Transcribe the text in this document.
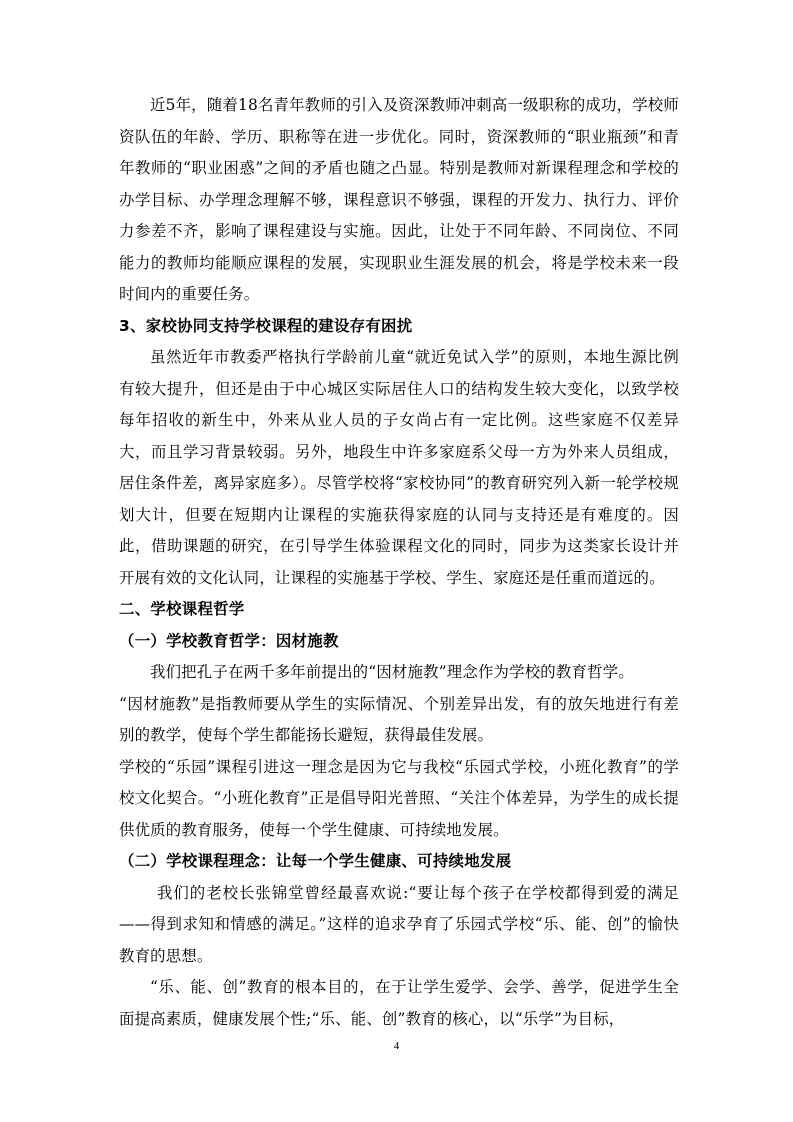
近5年，随着18名青年教师的引入及资深教师冲刺高一级职称的成功，学校师资队伍的年龄、学历、职称等在进一步优化。同时，资深教师的“职业瓶颈”和青年教师的“职业困惑”之间的矛盾也随之凸显。特别是教师对新课程理念和学校的办学目标、办学理念理解不够，课程意识不够强，课程的开发力、执行力、评价力参差不齐，影响了课程建设与实施。因此，让处于不同年龄、不同岗位、不同能力的教师均能顺应课程的发展，实现职业生涯发展的机会，将是学校未来一段时间内的重要任务。

3、家校协同支持学校课程的建设存有困扰

虽然近年市教委严格执行学龄前儿童“就近免试入学”的原则，本地生源比例有较大提升，但还是由于中心城区实际居住人口的结构发生较大变化，以致学校每年招收的新生中，外来从业人员的子女尚占有一定比例。这些家庭不仅差异大，而且学习背景较弱。另外，地段生中许多家庭系父母一方为外来人员组成，居住条件差，离异家庭多）。尽管学校将“家校协同”的教育研究列入新一轮学校规划大计，但要在短期内让课程的实施获得家庭的认同与支持还是有难度的。因此，借助课题的研究，在引导学生体验课程文化的同时，同步为这类家长设计并开展有效的文化认同，让课程的实施基于学校、学生、家庭还是任重而道远的。

二、学校课程哲学

（一）学校教育哲学：因材施教

我们把孔子在两千多年前提出的“因材施教”理念作为学校的教育哲学。

“因材施教”是指教师要从学生的实际情况、个别差异出发，有的放矢地进行有差别的教学，使每个学生都能扬长避短，获得最佳发展。

学校的“乐园”课程引进这一理念是因为它与我校“乐园式学校，小班化教育”的学校文化契合。“小班化教育”正是倡导阳光普照、“关注个体差异，为学生的成长提供优质的教育服务，使每一个学生健康、可持续地发展。

（二）学校课程理念：让每一个学生健康、可持续地发展

我们的老校长张锦堂曾经最喜欢说:“要让每个孩子在学校都得到爱的满足——得到求知和情感的满足。”这样的追求孕育了乐园式学校“乐、能、创”的愉快教育的思想。

“乐、能、创”教育的根本目的，在于让学生爱学、会学、善学，促进学生全面提高素质，健康发展个性;“乐、能、创”教育的核心，以“乐学”为目标，

4
